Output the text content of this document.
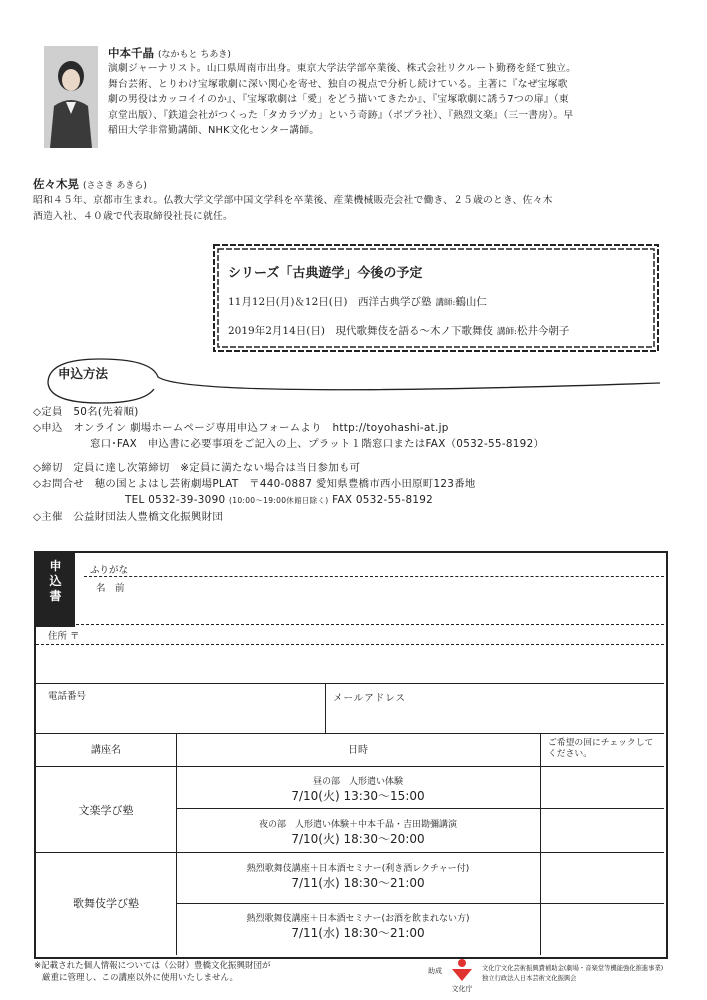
中本千晶 (なかもと ちあき)
演劇ジャーナリスト。山口県周南市出身。東京大学法学部卒業後、株式会社リクルート勤務を経て独立。
舞台芸術、とりわけ宝塚歌劇に深い関心を寄せ、独自の視点で分析し続けている。主著に『なぜ宝塚歌
劇の男役はカッコイイのか』、『宝塚歌劇は「愛」をどう描いてきたか』、『宝塚歌劇に誘う7つの扉』（東
京堂出版）、『鉄道会社がつくった「タカラヅカ」という奇跡』（ポプラ社）、『熱烈文楽』（三一書房）。早
稲田大学非常勤講師、NHK文化センター講師。
佐々木晃 (ささき あきら)
昭和４５年、京都市生まれ。仏教大学文学部中国文学科を卒業後、産業機械販売会社で働き、２５歳のとき、佐々木
酒造入社、４０歳で代表取締役社長に就任。
シリーズ「古典遊学」今後の予定
11月12日(月)＆12日(日)　西洋古典学び塾 講師:鶴山仁
2019年2月14日(日)　現代歌舞伎を語る～木ノ下歌舞伎 講師:松井今朝子
申込方法
◇定員　50名(先着順)
◇申込　オンライン 劇場ホームページ専用申込フォームより　http://toyohashi-at.jp
窓口･FAX　申込書に必要事項をご記入の上、プラット１階窓口またはFAX（0532-55-8192）
◇締切　定員に達し次第締切　※定員に満たない場合は当日参加も可
◇お問合せ　穂の国とよはし芸術劇場PLAT　〒440-0887 愛知県豊橋市西小田原町123番地
TEL 0532-39-3090 (10:00～19:00休館日除く) FAX 0532-55-8192
◇主催　公益財団法人豊橋文化振興財団
申
込
書
ふりがな
名　前
住所 〒
電話番号	メールアドレス
講座名	日時
ご希望の回にチェックしてください。
文楽学び塾
昼の部　人形遣い体験
7/10(火) 13:30～15:00
夜の部　人形遣い体験＋中本千晶・吉田勘彌講演
7/10(火) 18:30～20:00
歌舞伎学び塾
熱烈歌舞伎講座＋日本酒セミナー(利き酒レクチャー付)
7/11(水) 18:30～21:00
熱烈歌舞伎講座＋日本酒セミナー(お酒を飲まれない方)
7/11(水) 18:30～21:00
※記載された個人情報については（公財）豊橋文化振興財団が
厳重に管理し、この講座以外に使用いたしません。
助成
文化庁
文化庁文化芸術振興費補助金(劇場・音楽堂等機能強化推進事業)
独立行政法人日本芸術文化振興会
